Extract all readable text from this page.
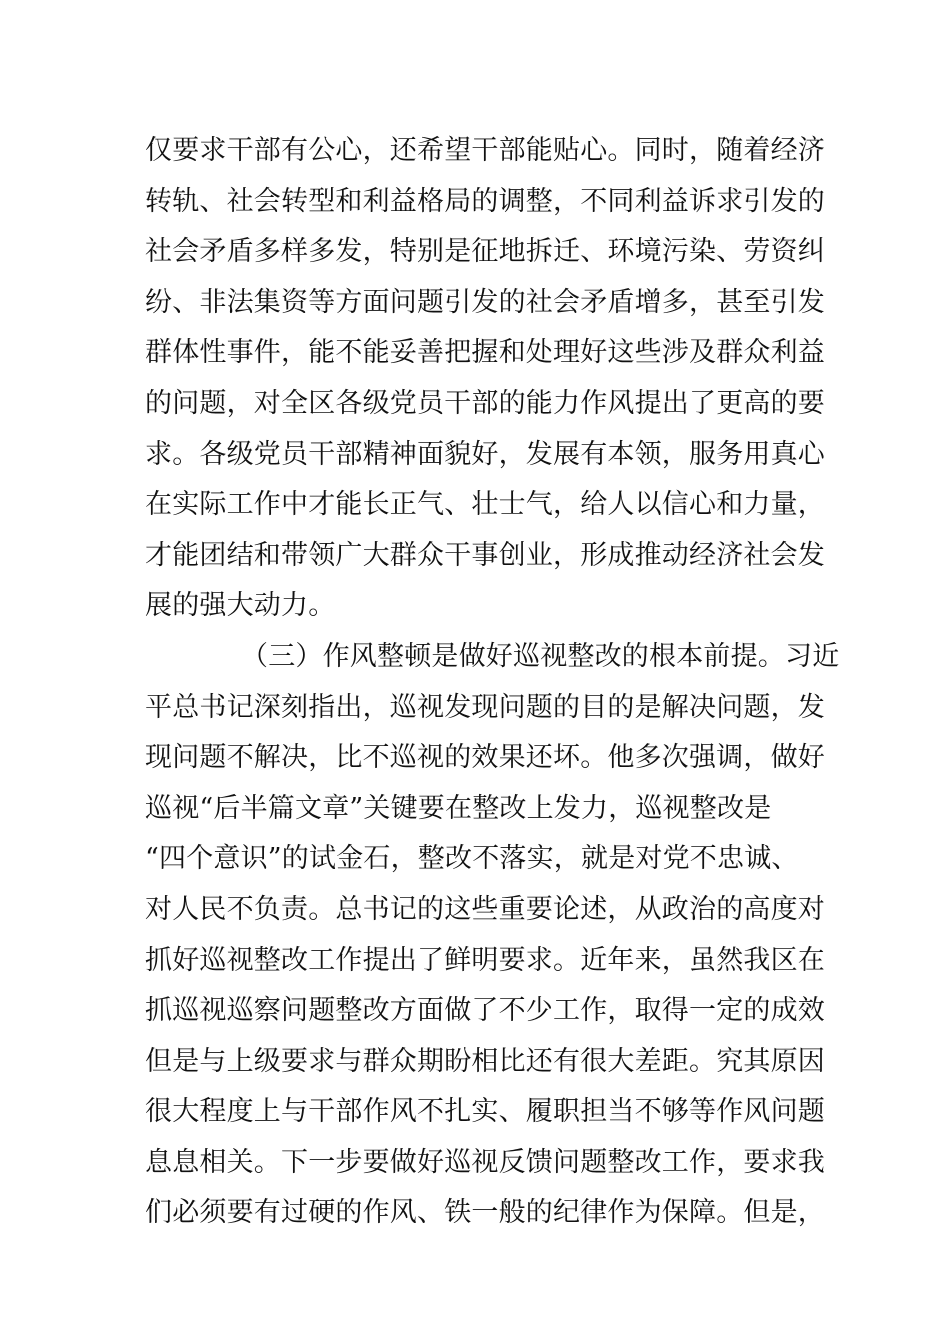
仅要求干部有公心，还希望干部能贴心。同时，随着经济
转轨、社会转型和利益格局的调整，不同利益诉求引发的
社会矛盾多样多发，特别是征地拆迁、环境污染、劳资纠
纷、非法集资等方面问题引发的社会矛盾增多，甚至引发
群体性事件，能不能妥善把握和处理好这些涉及群众利益
的问题，对全区各级党员干部的能力作风提出了更高的要
求。各级党员干部精神面貌好，发展有本领，服务用真心
在实际工作中才能长正气、壮士气，给人以信心和力量，
才能团结和带领广大群众干事创业，形成推动经济社会发
展的强大动力。
（三）作风整顿是做好巡视整改的根本前提。习近
平总书记深刻指出，巡视发现问题的目的是解决问题，发
现问题不解决，比不巡视的效果还坏。他多次强调，做好
巡视“后半篇文章”关键要在整改上发力，巡视整改是
“四个意识”的试金石，整改不落实，就是对党不忠诚、
对人民不负责。总书记的这些重要论述，从政治的高度对
抓好巡视整改工作提出了鲜明要求。近年来，虽然我区在
抓巡视巡察问题整改方面做了不少工作，取得一定的成效
但是与上级要求与群众期盼相比还有很大差距。究其原因
很大程度上与干部作风不扎实、履职担当不够等作风问题
息息相关。下一步要做好巡视反馈问题整改工作，要求我
们必须要有过硬的作风、铁一般的纪律作为保障。但是，
